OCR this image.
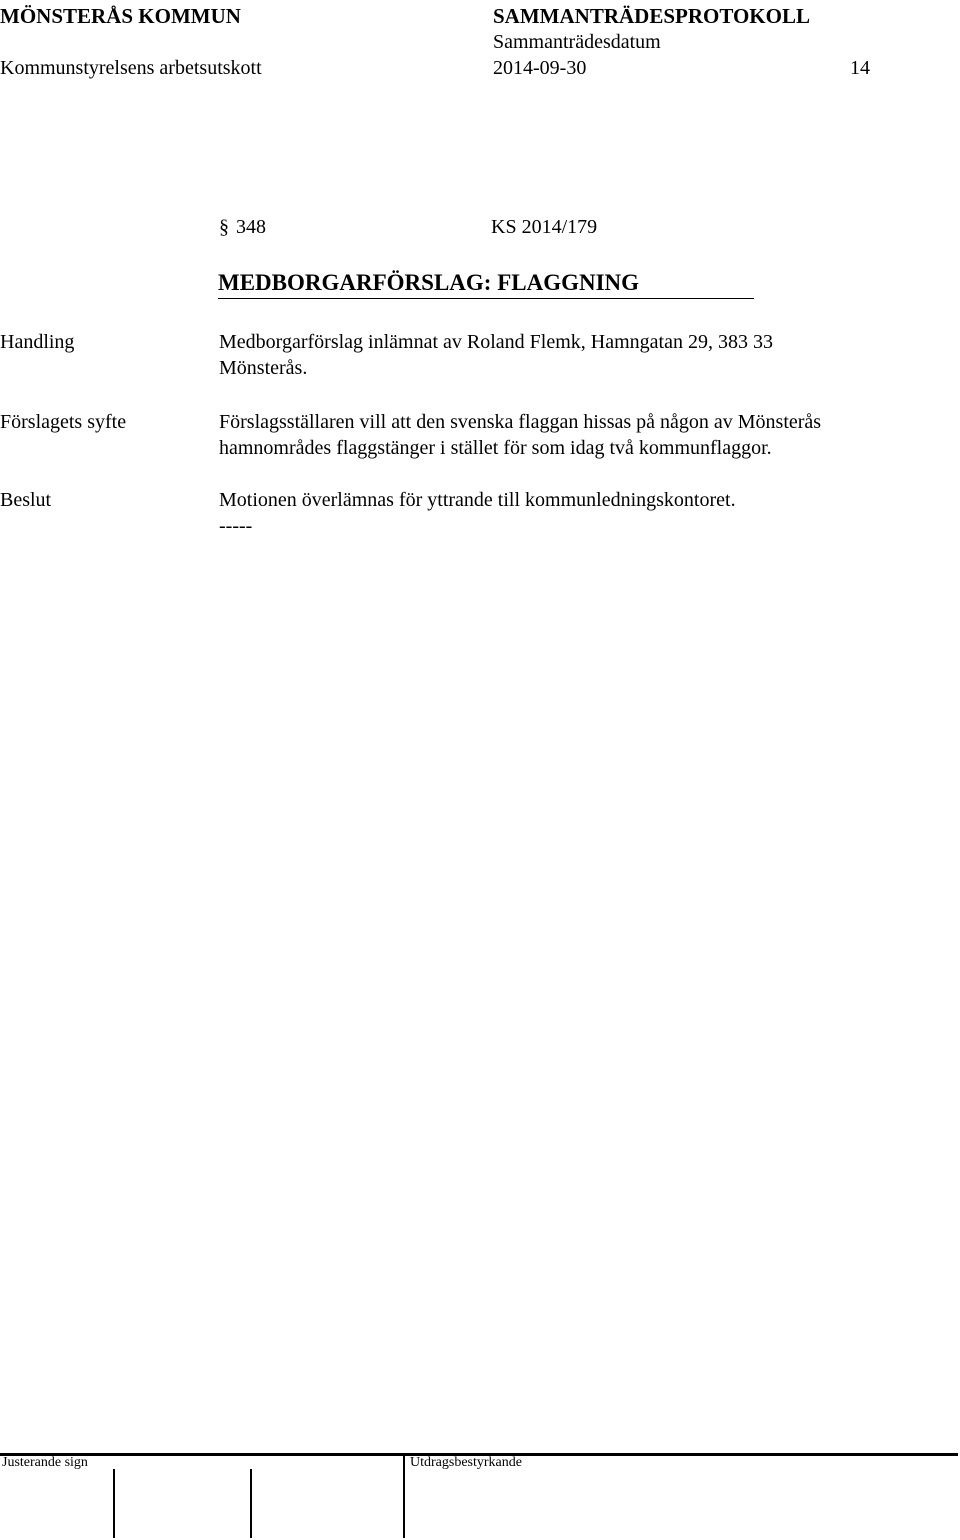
MÖNSTERÅS KOMMUN	SAMMANTRÄDESPROTOKOLL
Sammanträdesdatum
Kommunstyrelsens arbetsutskott	2014-09-30	14
§ 348	KS 2014/179
MEDBORGARFÖRSLAG: FLAGGNING
Handling	Medborgarförslag inlämnat av Roland Flemk, Hamngatan 29, 383 33
Mönsterås.
Förslagets syfte	Förslagsställaren vill att den svenska flaggan hissas på någon av Mönsterås
hamnområdes flaggstänger i stället för som idag två kommunflaggor.
Beslut	Motionen överlämnas för yttrande till kommunledningskontoret.
-----
Justerande sign	Utdragsbestyrkande
